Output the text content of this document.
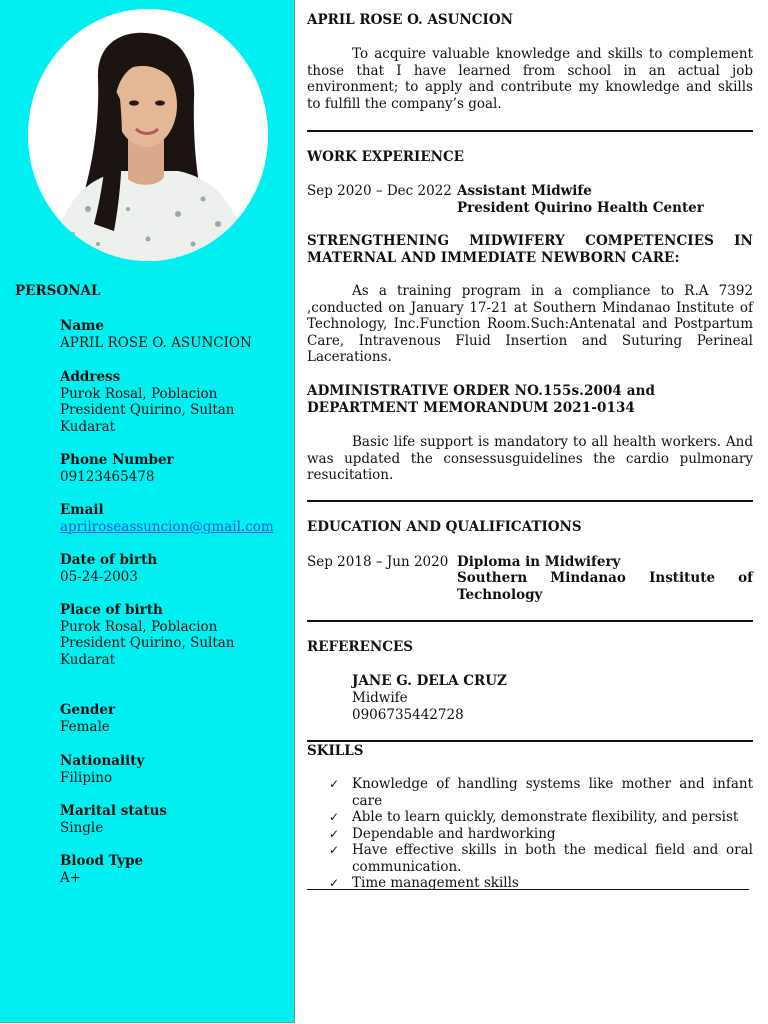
PERSONAL
Name
APRIL ROSE O. ASUNCION
Address
Purok Rosal, Poblacion
President Quirino, Sultan
Kudarat
Phone Number
09123465478
Email
aprilroseassuncion@gmail.com
Date of birth
05-24-2003
Place of birth
Purok Rosal, Poblacion
President Quirino, Sultan
Kudarat
Gender
Female
Nationality
Filipino
Marital status
Single
Blood Type
A+
APRIL ROSE O. ASUNCION
To acquire valuable knowledge and skills to complement those that I have learned from school in an actual job environment; to apply and contribute my knowledge and skills to fulfill the company’s goal.
WORK EXPERIENCE
Sep 2020 – Dec 2022 Assistant Midwife
President Quirino Health Center
STRENGTHENING MIDWIFERY COMPETENCIES IN MATERNAL AND IMMEDIATE NEWBORN CARE:
As a training program in a compliance to R.A 7392 ,conducted on January 17-21 at Southern Mindanao Institute of Technology, Inc.Function Room.Such:Antenatal and Postpartum Care, Intravenous Fluid Insertion and Suturing Perineal Lacerations.
ADMINISTRATIVE ORDER NO.155s.2004 and DEPARTMENT MEMORANDUM 2021-0134
Basic life support is mandatory to all health workers. And was updated the consessusguidelines the cardio pulmonary resucitation.
EDUCATION AND QUALIFICATIONS
Sep 2018 – Jun 2020 Diploma in Midwifery
Southern Mindanao Institute of Technology
REFERENCES
JANE G. DELA CRUZ
Midwife
0906735442728
SKILLS
✓ Knowledge of handling systems like mother and infant care
✓ Able to learn quickly, demonstrate flexibility, and persist
✓ Dependable and hardworking
✓ Have effective skills in both the medical field and oral communication.
✓ Time management skills
